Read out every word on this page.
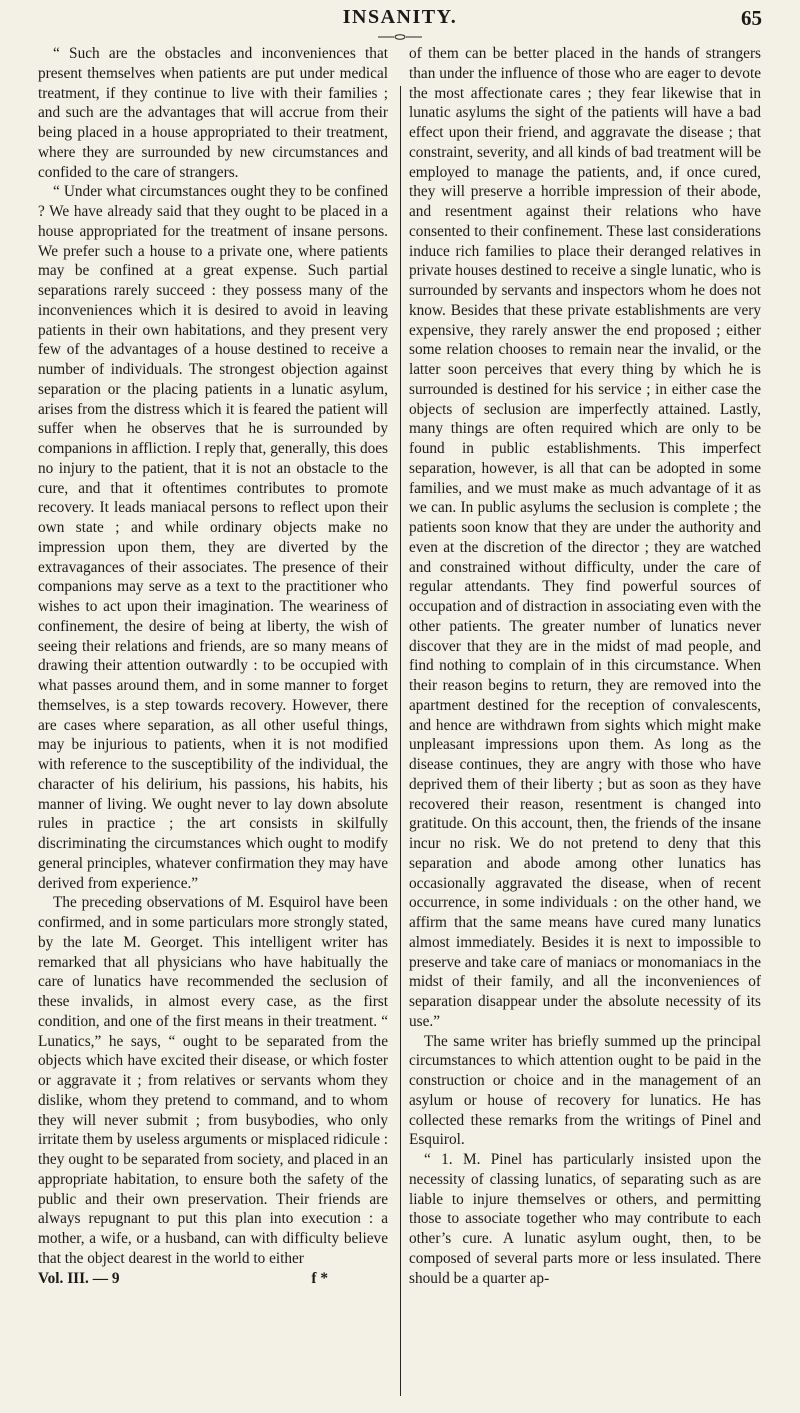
INSANITY.	65

“ Such are the obstacles and inconveniences that present themselves when patients are put under medical treatment, if they continue to live with their families ; and such are the advantages that will accrue from their being placed in a house appropriated to their treatment, where they are surrounded by new circumstances and confided to the care of strangers.

“ Under what circumstances ought they to be confined ? We have already said that they ought to be placed in a house appropriated for the treatment of insane persons. We prefer such a house to a private one, where patients may be confined at a great expense. Such partial separations rarely succeed : they possess many of the inconveniences which it is desired to avoid in leaving patients in their own habitations, and they present very few of the advantages of a house destined to receive a number of individuals. The strongest objection against separation or the placing patients in a lunatic asylum, arises from the distress which it is feared the patient will suffer when he observes that he is surrounded by companions in affliction. I reply that, generally, this does no injury to the patient, that it is not an obstacle to the cure, and that it oftentimes contributes to promote recovery. It leads maniacal persons to reflect upon their own state ; and while ordinary objects make no impression upon them, they are diverted by the extravagances of their associates. The presence of their companions may serve as a text to the practitioner who wishes to act upon their imagination. The weariness of confinement, the desire of being at liberty, the wish of seeing their relations and friends, are so many means of drawing their attention outwardly : to be occupied with what passes around them, and in some manner to forget themselves, is a step towards recovery. However, there are cases where separation, as all other useful things, may be injurious to patients, when it is not modified with reference to the susceptibility of the individual, the character of his delirium, his passions, his habits, his manner of living. We ought never to lay down absolute rules in practice ; the art consists in skilfully discriminating the circumstances which ought to modify general principles, whatever confirmation they may have derived from experience.”

The preceding observations of M. Esquirol have been confirmed, and in some particulars more strongly stated, by the late M. Georget. This intelligent writer has remarked that all physicians who have habitually the care of lunatics have recommended the seclusion of these invalids, in almost every case, as the first condition, and one of the first means in their treatment. “ Lunatics,” he says, “ ought to be separated from the objects which have excited their disease, or which foster or aggravate it ; from relatives or servants whom they dislike, whom they pretend to command, and to whom they will never submit ; from busybodies, who only irritate them by useless arguments or misplaced ridicule : they ought to be separated from society, and placed in an appropriate habitation, to ensure both the safety of the public and their own preservation. Their friends are always repugnant to put this plan into execution : a mother, a wife, or a husband, can with difficulty believe that the object dearest in the world to either

Vol. III. — 9	f *

of them can be better placed in the hands of strangers than under the influence of those who are eager to devote the most affectionate cares ; they fear likewise that in lunatic asylums the sight of the patients will have a bad effect upon their friend, and aggravate the disease ; that constraint, severity, and all kinds of bad treatment will be employed to manage the patients, and, if once cured, they will preserve a horrible impression of their abode, and resentment against their relations who have consented to their confinement. These last considerations induce rich families to place their deranged relatives in private houses destined to receive a single lunatic, who is surrounded by servants and inspectors whom he does not know. Besides that these private establishments are very expensive, they rarely answer the end proposed ; either some relation chooses to remain near the invalid, or the latter soon perceives that every thing by which he is surrounded is destined for his service ; in either case the objects of seclusion are imperfectly attained. Lastly, many things are often required which are only to be found in public establishments. This imperfect separation, however, is all that can be adopted in some families, and we must make as much advantage of it as we can. In public asylums the seclusion is complete ; the patients soon know that they are under the authority and even at the discretion of the director ; they are watched and constrained without difficulty, under the care of regular attendants. They find powerful sources of occupation and of distraction in associating even with the other patients. The greater number of lunatics never discover that they are in the midst of mad people, and find nothing to complain of in this circumstance. When their reason begins to return, they are removed into the apartment destined for the reception of convalescents, and hence are withdrawn from sights which might make unpleasant impressions upon them. As long as the disease continues, they are angry with those who have deprived them of their liberty ; but as soon as they have recovered their reason, resentment is changed into gratitude. On this account, then, the friends of the insane incur no risk. We do not pretend to deny that this separation and abode among other lunatics has occasionally aggravated the disease, when of recent occurrence, in some individuals : on the other hand, we affirm that the same means have cured many lunatics almost immediately. Besides it is next to impossible to preserve and take care of maniacs or monomaniacs in the midst of their family, and all the inconveniences of separation disappear under the absolute necessity of its use.”

The same writer has briefly summed up the principal circumstances to which attention ought to be paid in the construction or choice and in the management of an asylum or house of recovery for lunatics. He has collected these remarks from the writings of Pinel and Esquirol.

“ 1. M. Pinel has particularly insisted upon the necessity of classing lunatics, of separating such as are liable to injure themselves or others, and permitting those to associate together who may contribute to each other’s cure. A lunatic asylum ought, then, to be composed of several parts more or less insulated. There should be a quarter ap-
